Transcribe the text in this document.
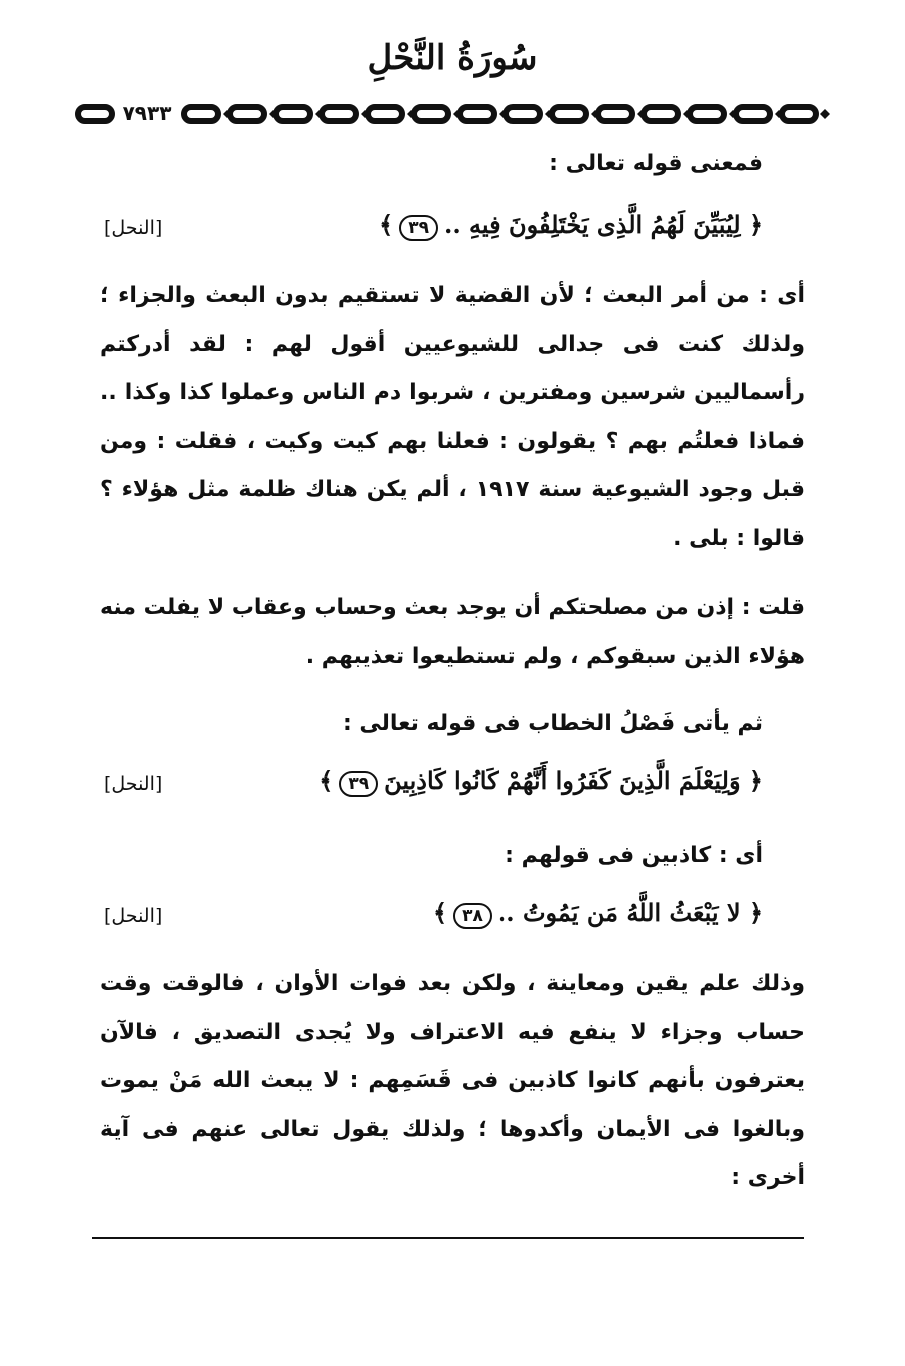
سُورَةُ النَّحْلِ
٧٩٣٣
فمعنى قوله تعالى :
﴿ لِيُبَيِّنَ لَهُمُ الَّذِى يَخْتَلِفُونَ فِيهِ ..٣٩﴾
[النحل]
أى : من أمر البعث ؛ لأن القضية لا تستقيم بدون البعث والجزاء ؛ ولذلك كنت فى جدالى للشيوعيين أقول لهم : لقد أدركتم رأسماليين شرسين ومفترين ، شربوا دم الناس وعملوا كذا وكذا .. فماذا فعلتُم بهم ؟ يقولون : فعلنا بهم كيت وكيت ، فقلت : ومن قبل وجود الشيوعية سنة ١٩١٧ ، ألم يكن هناك ظلمة مثل هؤلاء ؟ قالوا : بلى .
قلت : إذن من مصلحتكم أن يوجد بعث وحساب وعقاب لا يفلت منه هؤلاء الذين سبقوكم ، ولم تستطيعوا تعذيبهم .
ثم يأتى فَصْلُ الخطاب فى قوله تعالى :
﴿ وَلِيَعْلَمَ الَّذِينَ كَفَرُوا أَنَّهُمْ كَانُوا كَاذِبِينَ٣٩﴾
[النحل]
أى : كاذبين فى قولهم :
﴿ لا يَبْعَثُ اللَّهُ مَن يَمُوتُ ..٣٨﴾
[النحل]
وذلك علم يقين ومعاينة ، ولكن بعد فوات الأوان ، فالوقت وقت حساب وجزاء لا ينفع فيه الاعتراف ولا يُجدى التصديق ، فالآن يعترفون بأنهم كانوا كاذبين فى قَسَمِهم : لا يبعث الله مَنْ يموت وبالغوا فى الأيمان وأكدوها ؛ ولذلك يقول تعالى عنهم فى آية أخرى :
